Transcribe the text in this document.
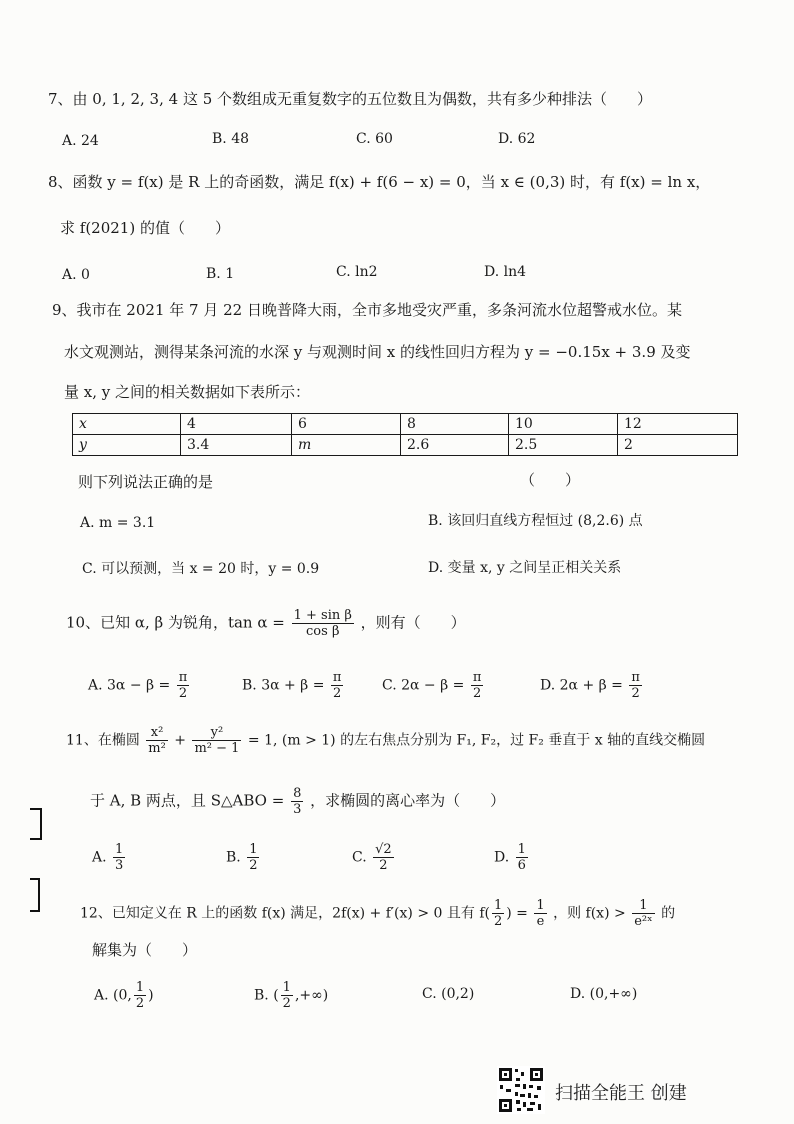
7、由 0, 1, 2, 3, 4 这 5 个数组成无重复数字的五位数且为偶数，共有多少种排法（　　）
A. 24	B. 48	C. 60	D. 62
8、函数 y = f(x) 是 R 上的奇函数，满足 f(x) + f(6 − x) = 0，当 x ∈ (0,3) 时，有 f(x) = ln x，
求 f(2021) 的值（　　）
A. 0	B. 1	C. ln2	D. ln4
9、我市在 2021 年 7 月 22 日晚普降大雨，全市多地受灾严重，多条河流水位超警戒水位。某
水文观测站，测得某条河流的水深 y 与观测时间 x 的线性回归方程为 y = −0.15x + 3.9 及变
量 x, y 之间的相关数据如下表所示：
x	4	6	8	10	12
y	3.4	m	2.6	2.5	2
则下列说法正确的是	（　　）
A. m = 3.1	B. 该回归直线方程恒过 (8,2.6) 点
C. 可以预测，当 x = 20 时，y = 0.9	D. 变量 x, y 之间呈正相关关系
10、已知 α, β 为锐角，$\tan \alpha = \frac{\text{1 + sin β}}{\text{cos β}}$ ，则有（　　）
A. $3\alpha - \beta = \frac{\pi}{2}$	B. $3\alpha + \beta = \frac{\pi}{2}$	C. $2\alpha - \beta = \frac{\pi}{2}$	D. $2\alpha + \beta = \frac{\pi}{2}$
11、在椭圆 $\frac{\text{x²}}{\text{m²}} + \frac{\text{y²}}{\text{m² − 1}} = 1$, (m > 1) 的左右焦点分别为 F₁, F₂，过 F₂ 垂直于 x 轴的直线交椭圆
于 A, B 两点，且 S△ABO = $\frac{8}{3}$ ，求椭圆的离心率为（　　）
A. $\frac{1}{3}$	B. $\frac{1}{2}$	C. $\frac{√2}{2}$	D. $\frac{1}{6}$
12、已知定义在 R 上的函数 f(x) 满足，2f(x) + f′(x) > 0 且有 $f( \frac{1}{2}$ ) = $\frac{1}{e}$ ，则 $f(x) > \frac{1}{\text{e²ˣ}}$ 的
解集为（　　）
A. (0, $\frac{1}{2}$ )	B. ( $\frac{1}{2}$ ,+∞)	C. (0,2)	D. (0,+∞)
扫描全能王 创建
